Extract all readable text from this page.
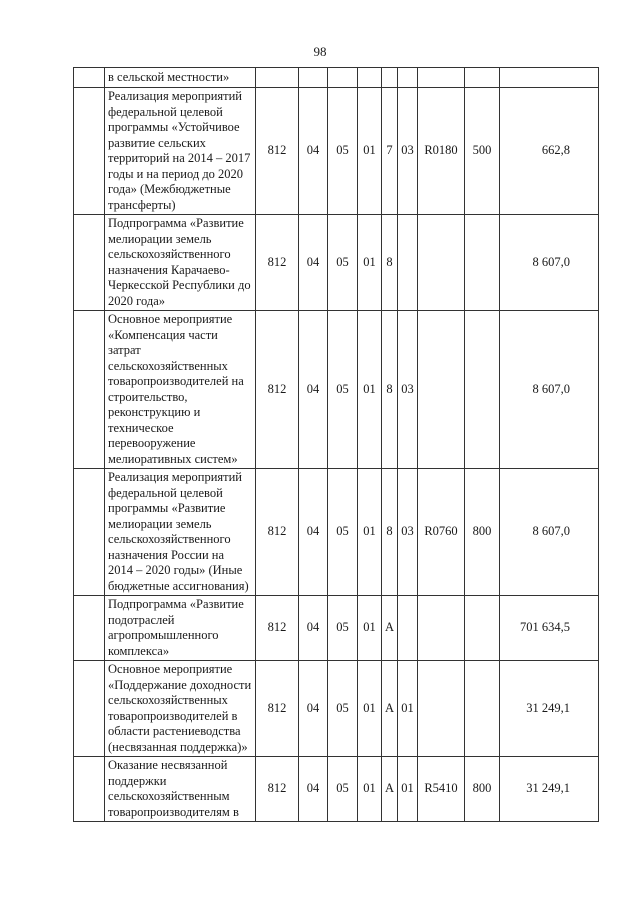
98
	в сельской местности»									
	Реализация мероприятий федеральной целевой программы «Устойчивое развитие сельских территорий на 2014 – 2017 годы и на период до 2020 года» (Межбюджетные трансферты)	812	04	05	01	7	03	R0180	500	662,8
	Подпрограмма «Развитие мелиорации земель сельскохозяйственного назначения Карачаево-Черкесской Республики до 2020 года»	812	04	05	01	8				8 607,0
	Основное мероприятие «Компенсация части затрат сельскохозяйственных товаропроизводителей на строительство, реконструкцию и техническое перевооружение мелиоративных систем»	812	04	05	01	8	03			8 607,0
	Реализация мероприятий федеральной целевой программы «Развитие мелиорации земель сельскохозяйственного назначения России на 2014 – 2020 годы» (Иные бюджетные ассигнования)	812	04	05	01	8	03	R0760	800	8 607,0
	Подпрограмма «Развитие подотраслей агропромышленного комплекса»	812	04	05	01	А				701 634,5
	Основное мероприятие «Поддержание доходности сельскохозяйственных товаропроизводителей в области растениеводства (несвязанная поддержка)»	812	04	05	01	А	01			31 249,1
	Оказание несвязанной поддержки сельскохозяйственным товаропроизводителям в	812	04	05	01	А	01	R5410	800	31 249,1
